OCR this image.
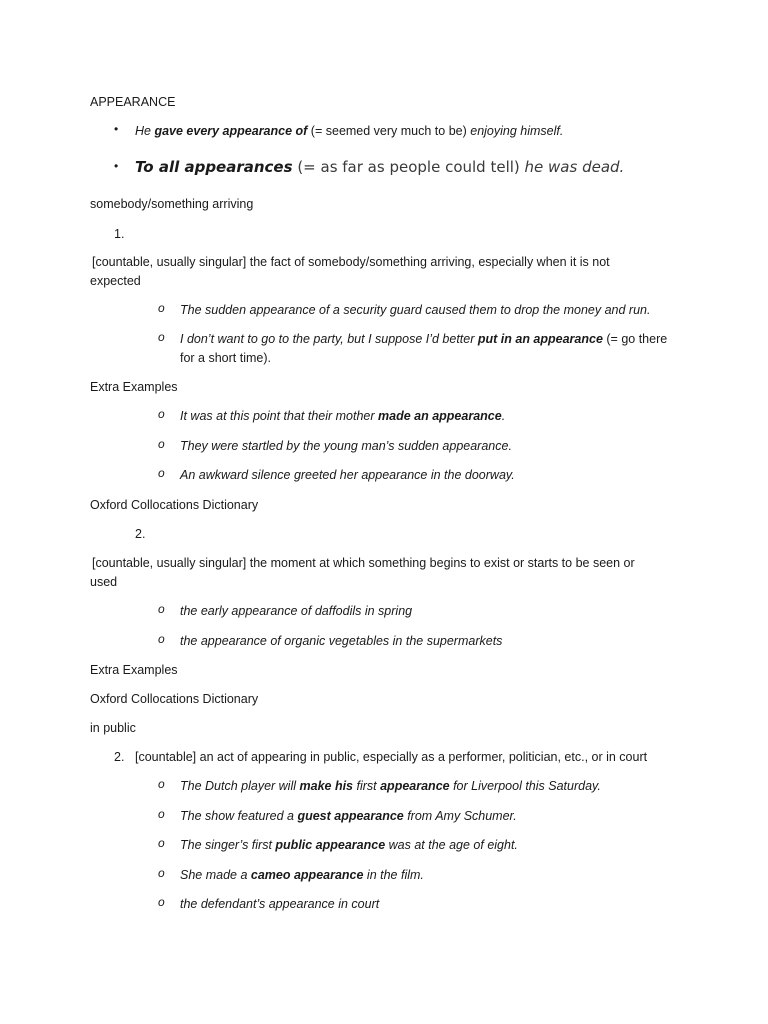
APPEARANCE
• He gave every appearance of (= seemed very much to be) enjoying himself.
• To all appearances (= as far as people could tell) he was dead.
somebody/something arriving
1.
[countable, usually singular] the fact of somebody/something arriving, especially when it is not
expected
o The sudden appearance of a security guard caused them to drop the money and run.
o I don’t want to go to the party, but I suppose I’d better put in an appearance (= go there
for a short time).
Extra Examples
o It was at this point that their mother made an appearance.
o They were startled by the young man’s sudden appearance.
o An awkward silence greeted her appearance in the doorway.
Oxford Collocations Dictionary
2.
[countable, usually singular] the moment at which something begins to exist or starts to be seen or
used
o the early appearance of daffodils in spring
o the appearance of organic vegetables in the supermarkets
Extra Examples
Oxford Collocations Dictionary
in public
2. [countable] an act of appearing in public, especially as a performer, politician, etc., or in court
o The Dutch player will make his first appearance for Liverpool this Saturday.
o The show featured a guest appearance from Amy Schumer.
o The singer’s first public appearance was at the age of eight.
o She made a cameo appearance in the film.
o the defendant’s appearance in court
